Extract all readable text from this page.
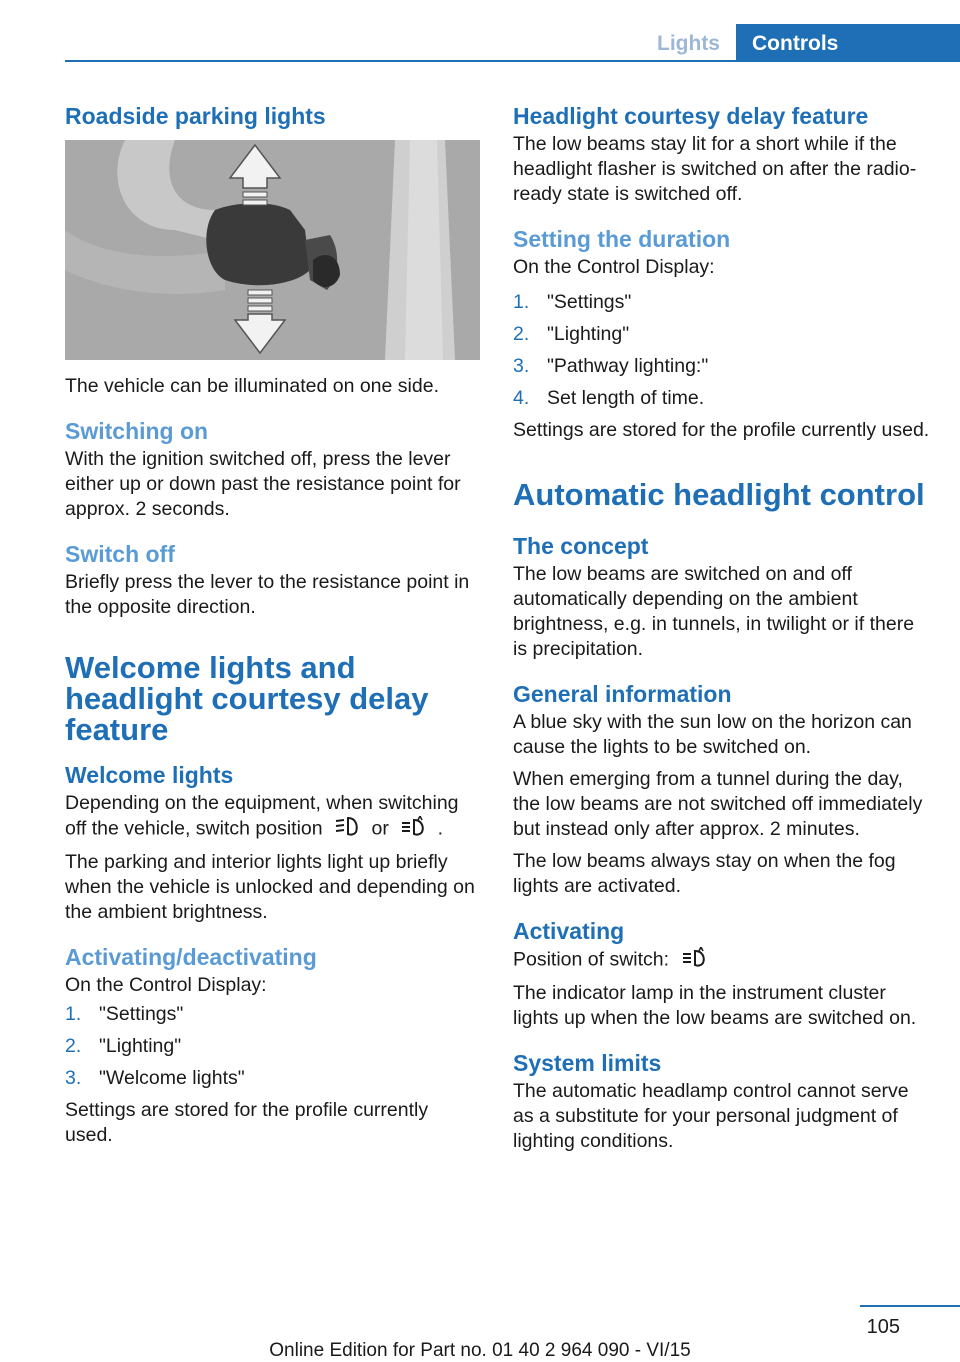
Lights	Controls
Roadside parking lights

The vehicle can be illuminated on one side.

Switching on

With the ignition switched off, press the lever either up or down past the resistance point for approx. 2 seconds.

Switch off

Briefly press the lever to the resistance point in the opposite direction.

Welcome lights and headlight courtesy delay feature
Welcome lights

Depending on the equipment, when switching off the vehicle, switch position	or	.

The parking and interior lights light up briefly when the vehicle is unlocked and depending on the ambient brightness.

Activating/deactivating

On the Control Display:

1. "Settings"
2. "Lighting"
3. "Welcome lights"

Settings are stored for the profile currently used.

Headlight courtesy delay feature

The low beams stay lit for a short while if the headlight flasher is switched on after the radio-ready state is switched off.

Setting the duration

On the Control Display:

1. "Settings"
2. "Lighting"
3. "Pathway lighting:"
4. Set length of time.

Settings are stored for the profile currently used.

Automatic headlight control
The concept

The low beams are switched on and off automatically depending on the ambient brightness, e.g. in tunnels, in twilight or if there is precipitation.

General information

A blue sky with the sun low on the horizon can cause the lights to be switched on.

When emerging from a tunnel during the day, the low beams are not switched off immediately but instead only after approx. 2 minutes.

The low beams always stay on when the fog lights are activated.

Activating

Position of switch:

The indicator lamp in the instrument cluster lights up when the low beams are switched on.

System limits

The automatic headlamp control cannot serve as a substitute for your personal judgment of lighting conditions.

105
Online Edition for Part no. 01 40 2 964 090 - VI/15
